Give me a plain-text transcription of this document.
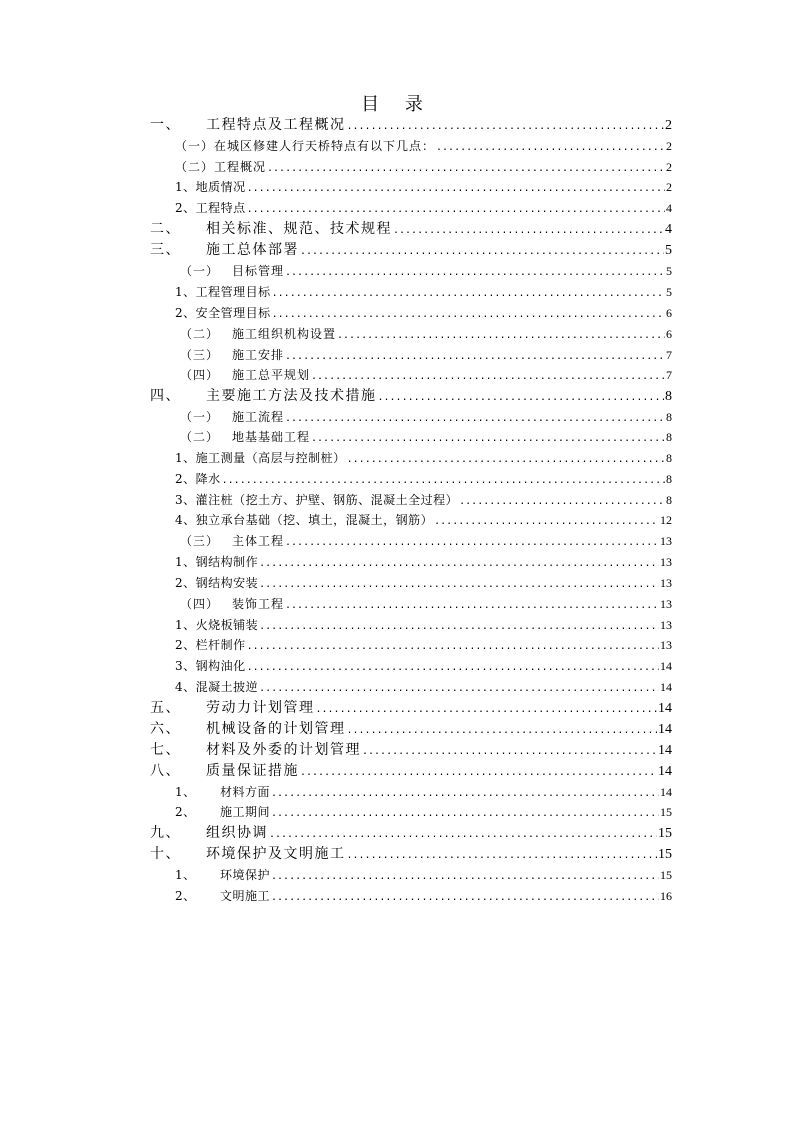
目 录
一、	工程特点及工程概况 .....	2
（一）在城区修建人行天桥特点有以下几点： .....	2
（二）工程概况 .....	2
1、地质情况 .....	2
2、工程特点 .....	4
二、	相关标准、规范、技术规程 .....	4
三、	施工总体部署 .....	5
（一）	目标管理 .....	5
1、工程管理目标 .....	5
2、安全管理目标 .....	6
（二）	施工组织机构设置 .....	6
（三）	施工安排 .....	7
（四）	施工总平规划 .....	7
四、	主要施工方法及技术措施 .....	8
（一）	施工流程 .....	8
（二）	地基基础工程 .....	8
1、施工测量（高层与控制桩） .....	8
2、降水 .....	8
3、灌注桩（挖土方、护壁、钢筋、混凝土全过程） .....	8
4、独立承台基础（挖、填土，混凝土，钢筋） .....	12
（三）	主体工程 .....	13
1、钢结构制作 .....	13
2、钢结构安装 .....	13
（四）	装饰工程 .....	13
1、火烧板铺装 .....	13
2、栏杆制作 .....	13
3、钢构油化 .....	14
4、混凝土披逆 .....	14
五、	劳动力计划管理 .....	14
六、	机械设备的计划管理 .....	14
七、	材料及外委的计划管理 .....	14
八、	质量保证措施 .....	14
1、	材料方面 .....	14
2、	施工期间 .....	15
九、	组织协调 .....	15
十、	环境保护及文明施工 .....	15
1、	环境保护 .....	15
2、	文明施工 .....	16
